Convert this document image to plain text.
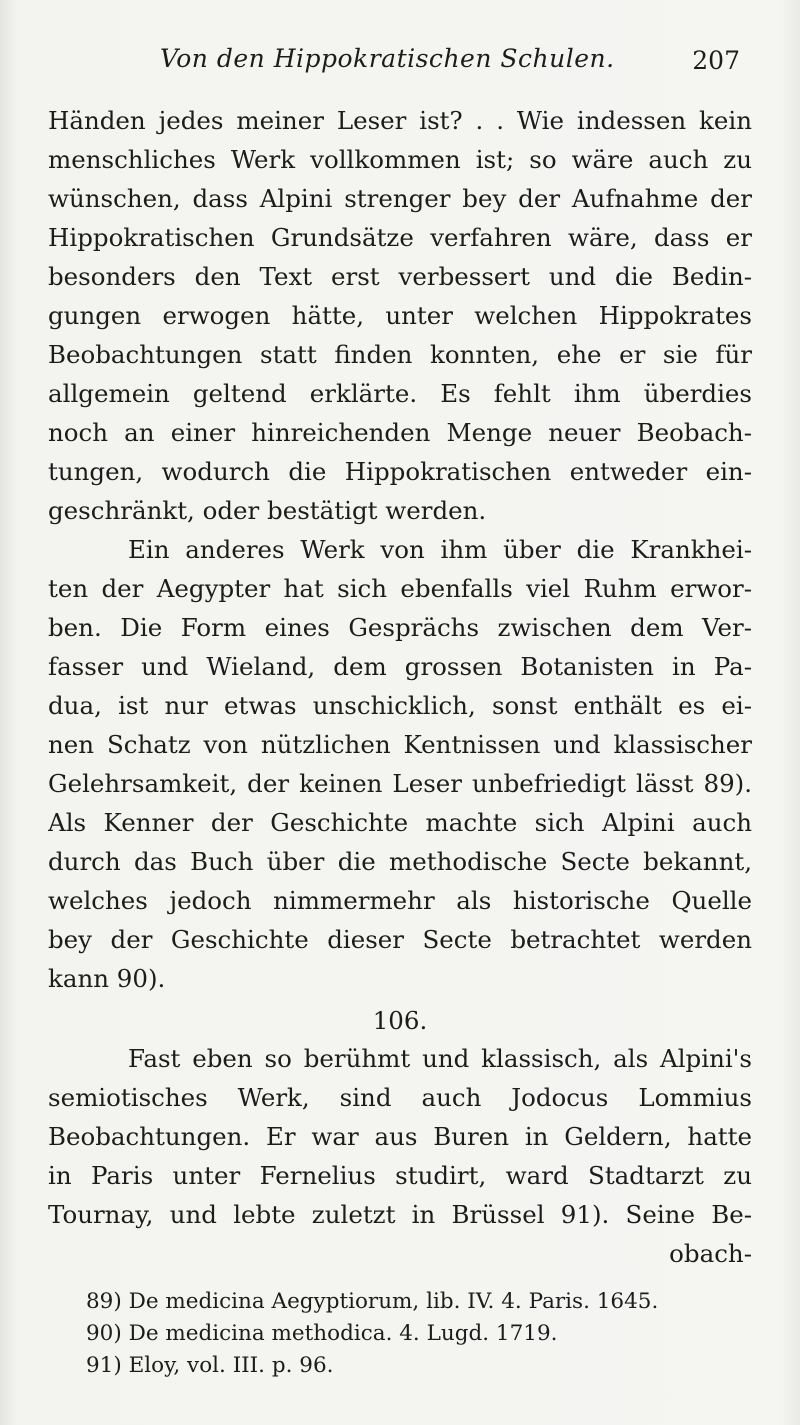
Von den Hippokratischen Schulen.	207
Händen jedes meiner Leser ist? . . Wie indessen kein
menschliches Werk vollkommen ist; so wäre auch zu
wünschen, dass Alpini strenger bey der Aufnahme der
Hippokratischen Grundsätze verfahren wäre, dass er
besonders den Text erst verbessert und die Bedin-
gungen erwogen hätte, unter welchen Hippokrates
Beobachtungen statt finden konnten, ehe er sie für
allgemein geltend erklärte. Es fehlt ihm überdies
noch an einer hinreichenden Menge neuer Beobach-
tungen, wodurch die Hippokratischen entweder ein-
geschränkt, oder bestätigt werden.
Ein anderes Werk von ihm über die Krankhei-
ten der Aegypter hat sich ebenfalls viel Ruhm erwor-
ben. Die Form eines Gesprächs zwischen dem Ver-
fasser und Wieland, dem grossen Botanisten in Pa-
dua, ist nur etwas unschicklich, sonst enthält es ei-
nen Schatz von nützlichen Kentnissen und klassischer
Gelehrsamkeit, der keinen Leser unbefriedigt lässt 89).
Als Kenner der Geschichte machte sich Alpini auch
durch das Buch über die methodische Secte bekannt,
welches jedoch nimmermehr als historische Quelle
bey der Geschichte dieser Secte betrachtet werden
kann 90).
106.
Fast eben so berühmt und klassisch, als Alpini's
semiotisches Werk, sind auch Jodocus Lommius
Beobachtungen. Er war aus Buren in Geldern, hatte
in Paris unter Fernelius studirt, ward Stadtarzt zu
Tournay, und lebte zuletzt in Brüssel 91). Seine Be-
obach-
89) De medicina Aegyptiorum, lib. IV. 4. Paris. 1645.
90) De medicina methodica. 4. Lugd. 1719.
91) Eloy, vol. III. p. 96.
